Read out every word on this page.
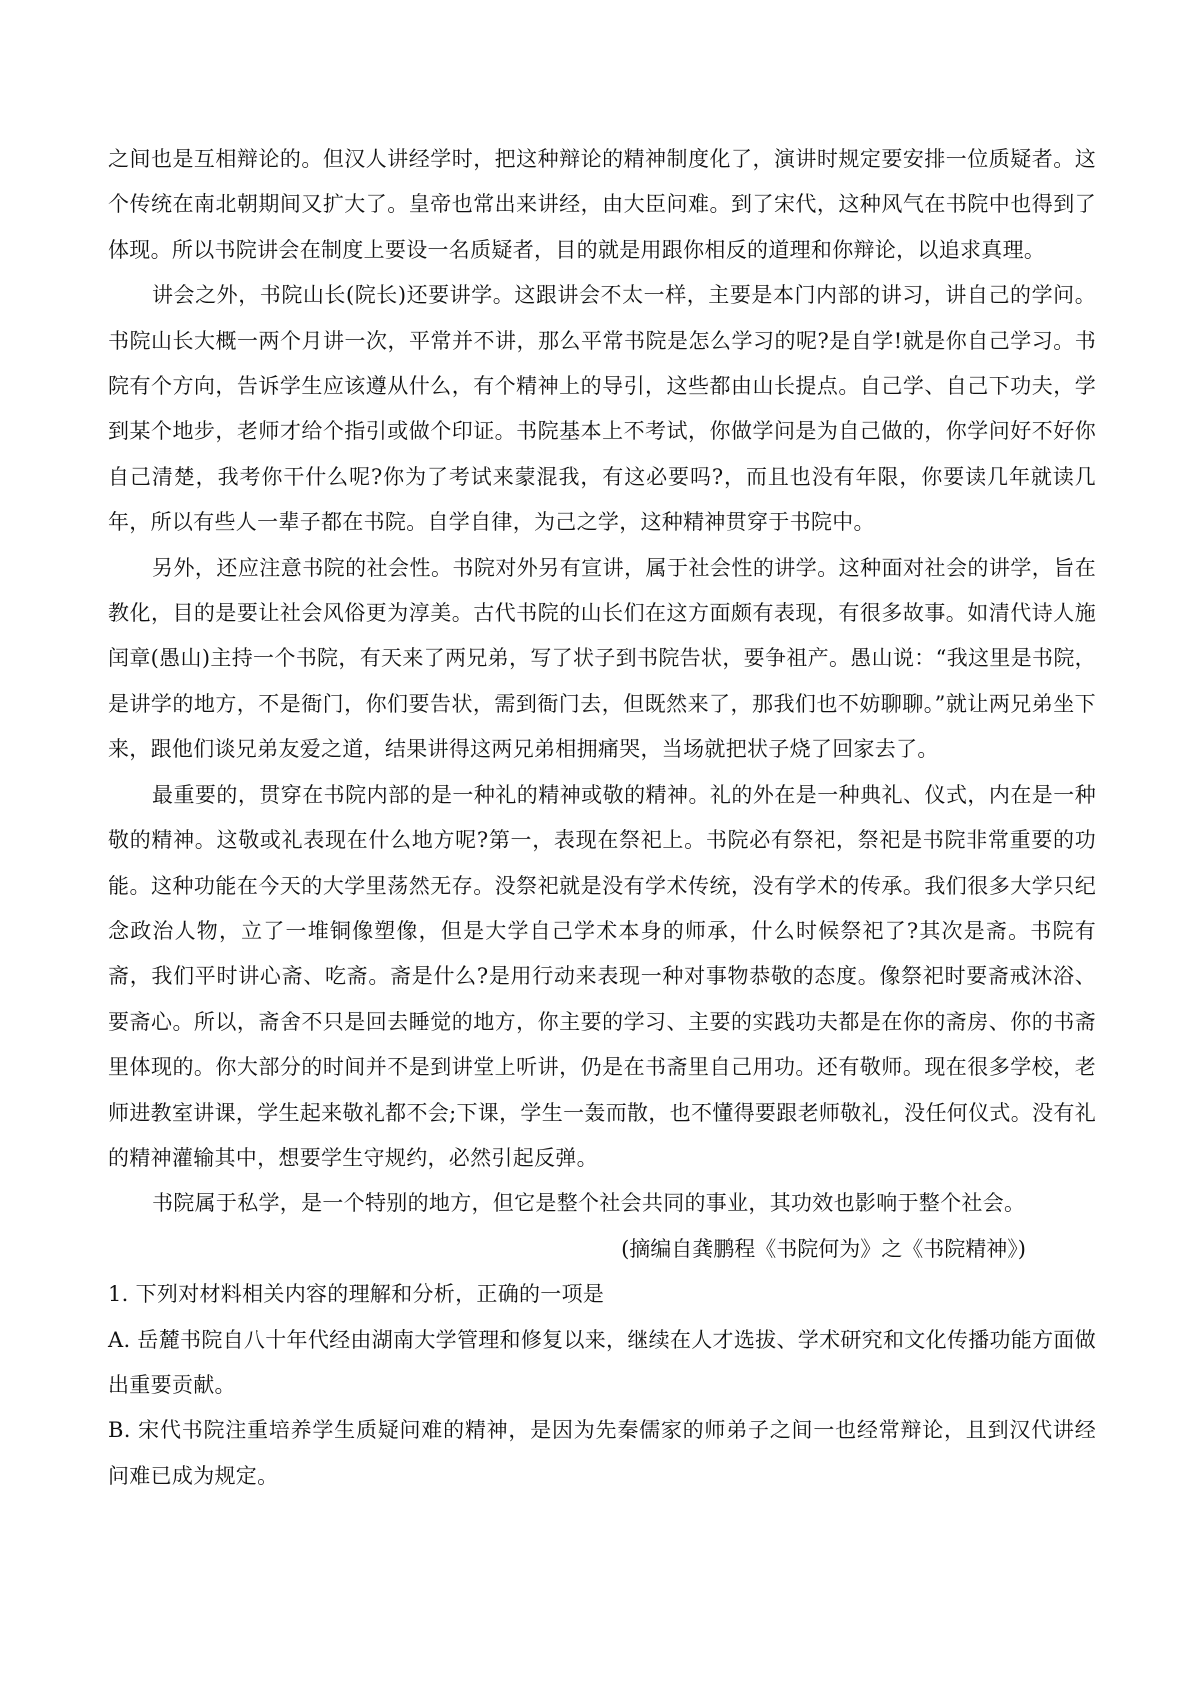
之间也是互相辩论的。但汉人讲经学时，把这种辩论的精神制度化了，演讲时规定要安排一位质疑者。这个传统在南北朝期间又扩大了。皇帝也常出来讲经，由大臣问难。到了宋代，这种风气在书院中也得到了体现。所以书院讲会在制度上要设一名质疑者，目的就是用跟你相反的道理和你辩论，以追求真理。

讲会之外，书院山长(院长)还要讲学。这跟讲会不太一样，主要是本门内部的讲习，讲自己的学问。书院山长大概一两个月讲一次，平常并不讲，那么平常书院是怎么学习的呢?是自学!就是你自己学习。书院有个方向，告诉学生应该遵从什么，有个精神上的导引，这些都由山长提点。自己学、自己下功夫，学到某个地步，老师才给个指引或做个印证。书院基本上不考试，你做学问是为自己做的，你学问好不好你自己清楚，我考你干什么呢?你为了考试来蒙混我，有这必要吗?，而且也没有年限，你要读几年就读几年，所以有些人一辈子都在书院。自学自律，为己之学，这种精神贯穿于书院中。

另外，还应注意书院的社会性。书院对外另有宣讲，属于社会性的讲学。这种面对社会的讲学，旨在教化，目的是要让社会风俗更为淳美。古代书院的山长们在这方面颇有表现，有很多故事。如清代诗人施闰章(愚山)主持一个书院，有天来了两兄弟，写了状子到书院告状，要争祖产。愚山说：“我这里是书院，是讲学的地方，不是衙门，你们要告状，需到衙门去，但既然来了，那我们也不妨聊聊。”就让两兄弟坐下来，跟他们谈兄弟友爱之道，结果讲得这两兄弟相拥痛哭，当场就把状子烧了回家去了。

最重要的，贯穿在书院内部的是一种礼的精神或敬的精神。礼的外在是一种典礼、仪式，内在是一种敬的精神。这敬或礼表现在什么地方呢?第一，表现在祭祀上。书院必有祭祀，祭祀是书院非常重要的功能。这种功能在今天的大学里荡然无存。没祭祀就是没有学术传统，没有学术的传承。我们很多大学只纪念政治人物，立了一堆铜像塑像，但是大学自己学术本身的师承，什么时候祭祀了?其次是斋。书院有斋，我们平时讲心斋、吃斋。斋是什么?是用行动来表现一种对事物恭敬的态度。像祭祀时要斋戒沐浴、要斋心。所以，斋舍不只是回去睡觉的地方，你主要的学习、主要的实践功夫都是在你的斋房、你的书斋里体现的。你大部分的时间并不是到讲堂上听讲，仍是在书斋里自己用功。还有敬师。现在很多学校，老师进教室讲课，学生起来敬礼都不会;下课，学生一轰而散，也不懂得要跟老师敬礼，没任何仪式。没有礼的精神灌输其中，想要学生守规约，必然引起反弹。

书院属于私学，是一个特别的地方，但它是整个社会共同的事业，其功效也影响于整个社会。

(摘编自龚鹏程《书院何为》之《书院精神》)

1. 下列对材料相关内容的理解和分析，正确的一项是

A. 岳麓书院自八十年代经由湖南大学管理和修复以来，继续在人才选拔、学术研究和文化传播功能方面做出重要贡献。

B. 宋代书院注重培养学生质疑问难的精神，是因为先秦儒家的师弟子之间一也经常辩论，且到汉代讲经问难已成为规定。
